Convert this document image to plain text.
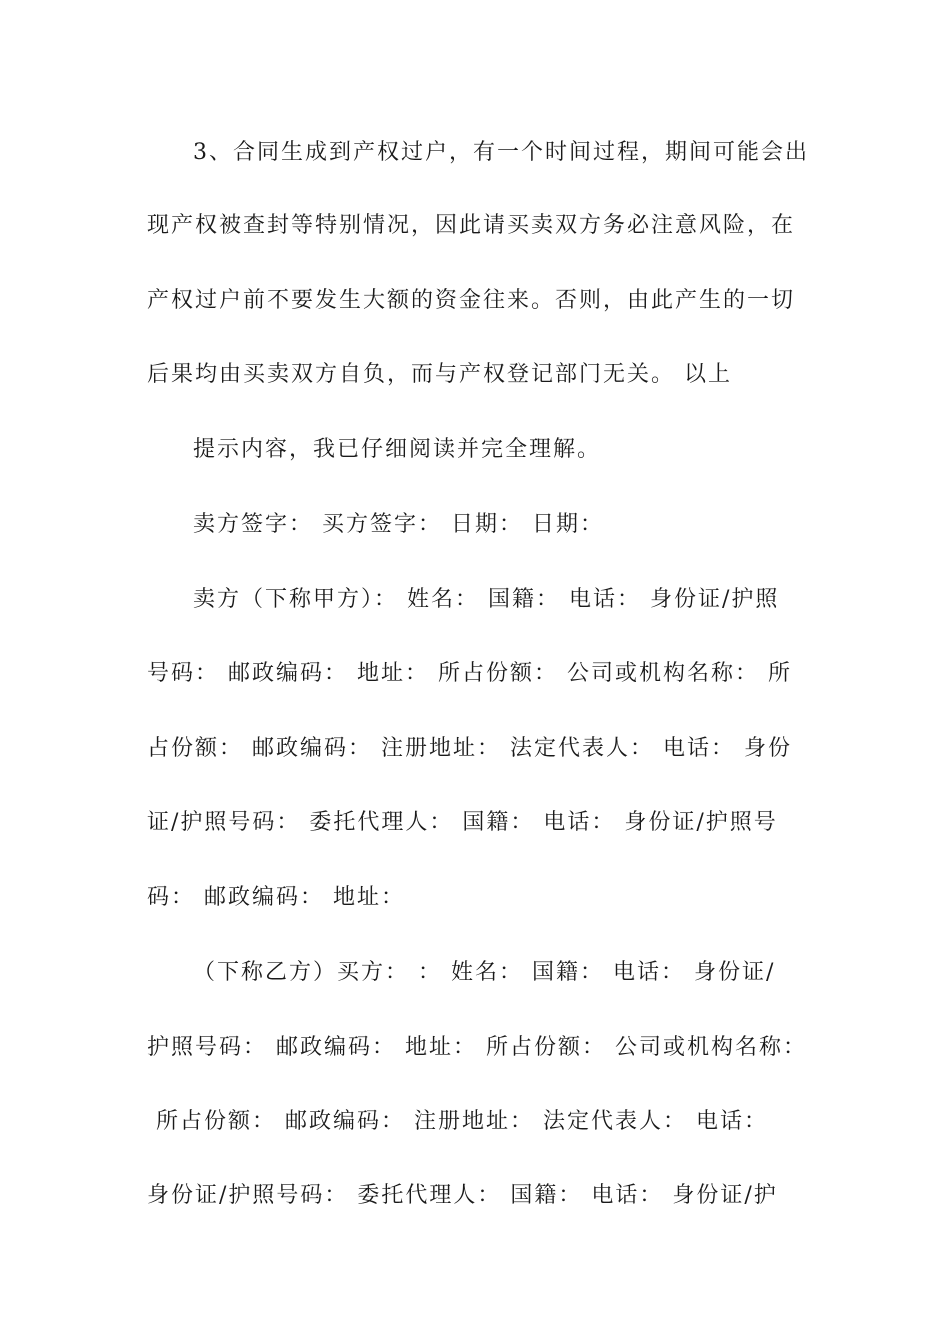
3、合同生成到产权过户，有一个时间过程，期间可能会出
现产权被查封等特别情况，因此请买卖双方务必注意风险，在
产权过户前不要发生大额的资金往来。否则，由此产生的一切
后果均由买卖双方自负，而与产权登记部门无关。 以上
提示内容，我已仔细阅读并完全理解。
卖方签字： 买方签字： 日期： 日期：
卖方（下称甲方）： 姓名： 国籍： 电话： 身份证/护照
号码： 邮政编码： 地址： 所占份额： 公司或机构名称： 所
占份额： 邮政编码： 注册地址： 法定代表人： 电话： 身份
证/护照号码： 委托代理人： 国籍： 电话： 身份证/护照号
码： 邮政编码： 地址：
（下称乙方）买方： ： 姓名： 国籍： 电话： 身份证/
护照号码： 邮政编码： 地址： 所占份额： 公司或机构名称：
所占份额： 邮政编码： 注册地址： 法定代表人： 电话：
身份证/护照号码： 委托代理人： 国籍： 电话： 身份证/护
